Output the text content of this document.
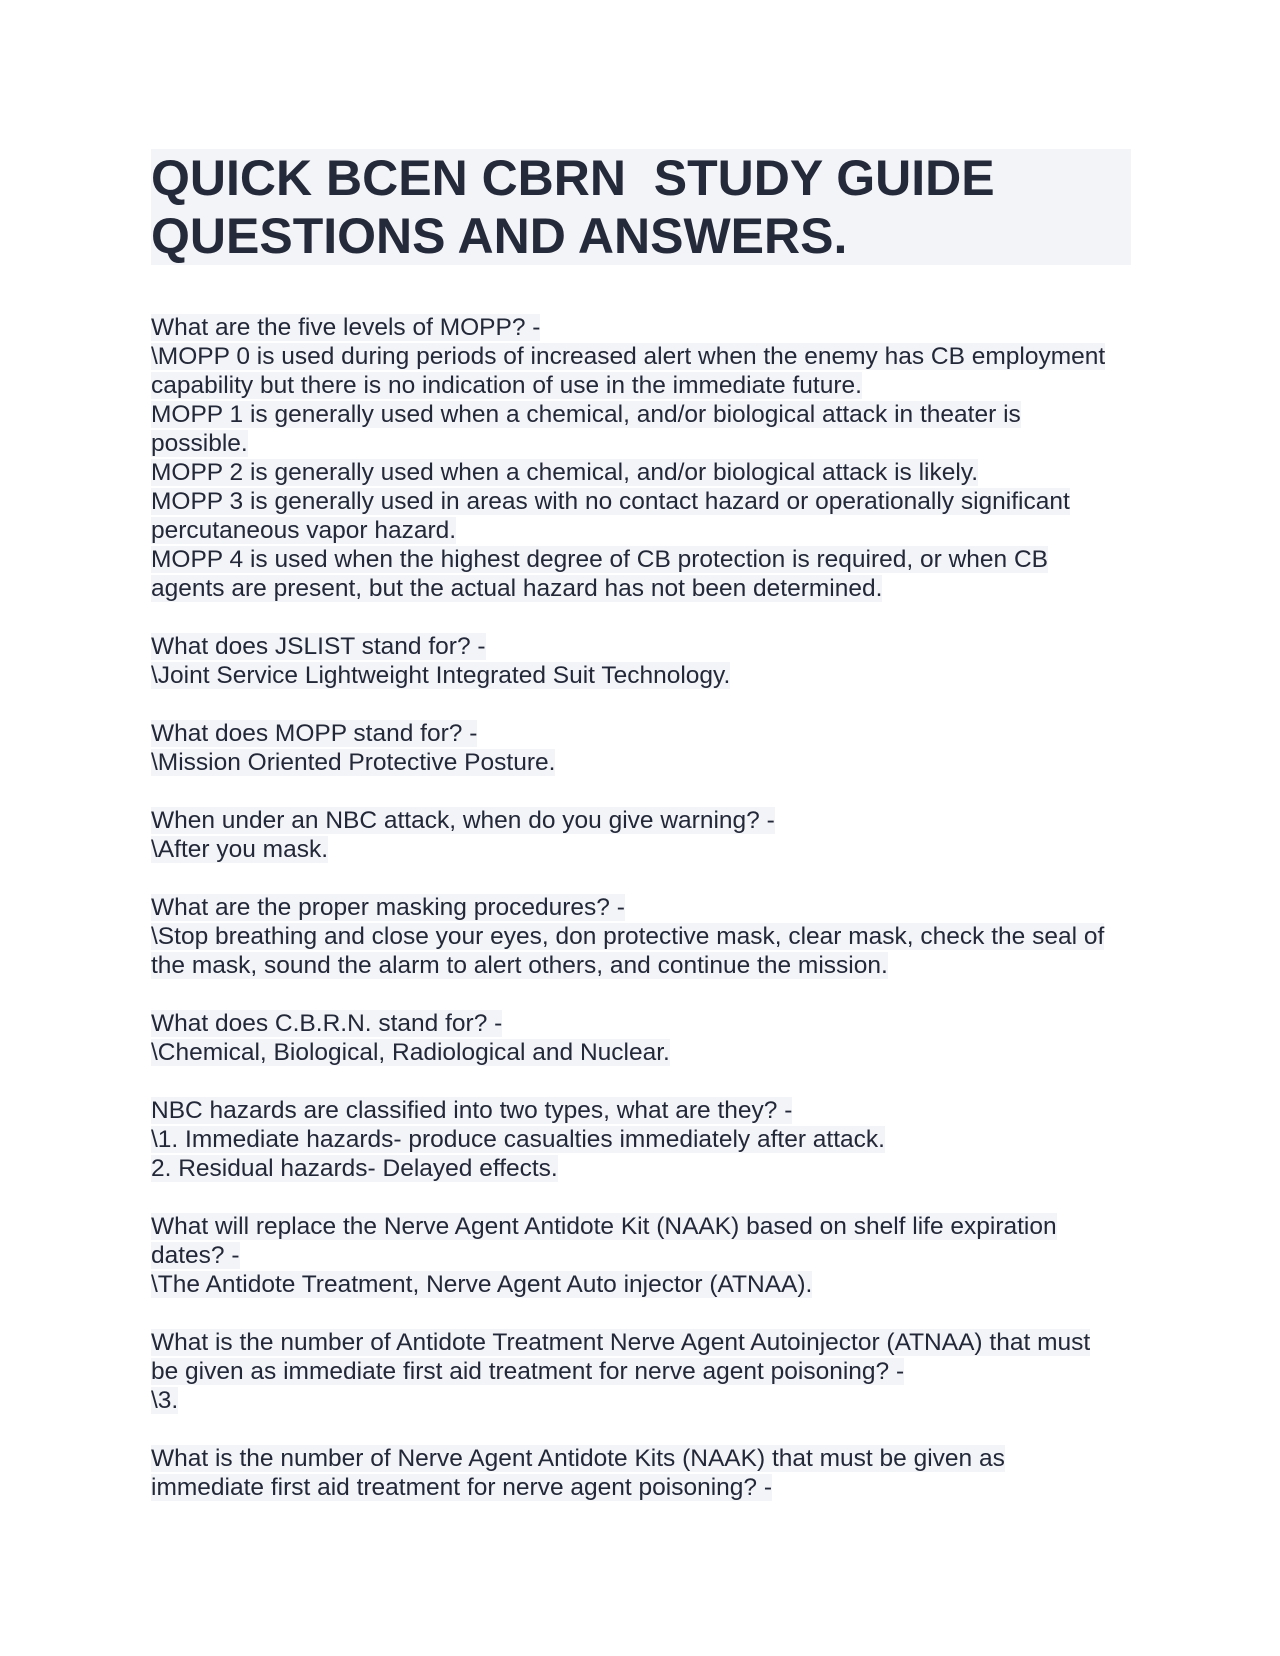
QUICK BCEN CBRN  STUDY GUIDE
QUESTIONS AND ANSWERS.
What are the five levels of MOPP? -
\MOPP 0 is used during periods of increased alert when the enemy has CB employment
capability but there is no indication of use in the immediate future.
MOPP 1 is generally used when a chemical, and/or biological attack in theater is
possible.
MOPP 2 is generally used when a chemical, and/or biological attack is likely.
MOPP 3 is generally used in areas with no contact hazard or operationally significant
percutaneous vapor hazard.
MOPP 4 is used when the highest degree of CB protection is required, or when CB
agents are present, but the actual hazard has not been determined.
What does JSLIST stand for? -
\Joint Service Lightweight Integrated Suit Technology.
What does MOPP stand for? -
\Mission Oriented Protective Posture.
When under an NBC attack, when do you give warning? -
\After you mask.
What are the proper masking procedures? -
\Stop breathing and close your eyes, don protective mask, clear mask, check the seal of
the mask, sound the alarm to alert others, and continue the mission.
What does C.B.R.N. stand for? -
\Chemical, Biological, Radiological and Nuclear.
NBC hazards are classified into two types, what are they? -
\1. Immediate hazards- produce casualties immediately after attack.
2. Residual hazards- Delayed effects.
What will replace the Nerve Agent Antidote Kit (NAAK) based on shelf life expiration
dates? -
\The Antidote Treatment, Nerve Agent Auto injector (ATNAA).
What is the number of Antidote Treatment Nerve Agent Autoinjector (ATNAA) that must
be given as immediate first aid treatment for nerve agent poisoning? -
\3.
What is the number of Nerve Agent Antidote Kits (NAAK) that must be given as
immediate first aid treatment for nerve agent poisoning? -
